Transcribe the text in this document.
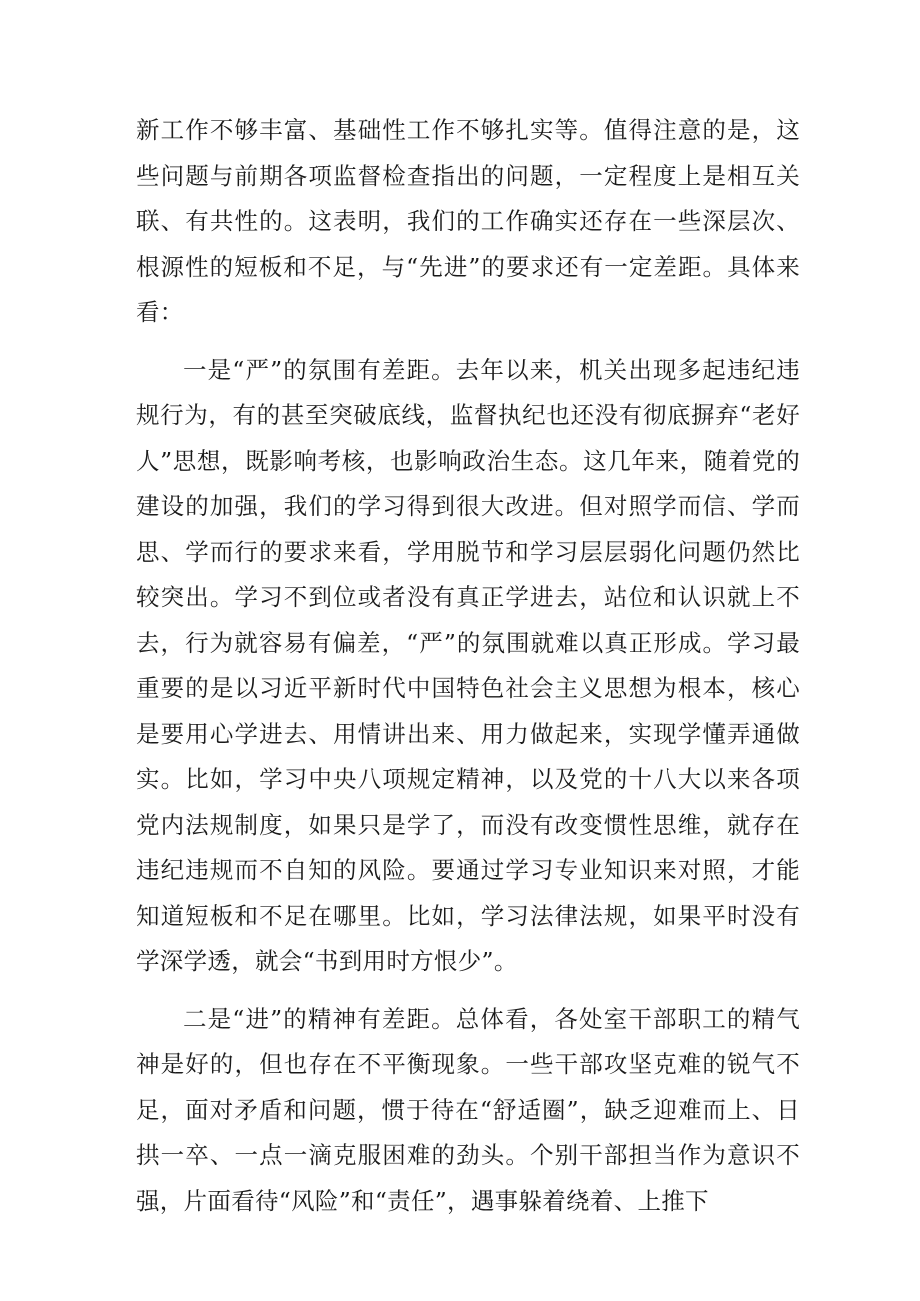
新工作不够丰富、基础性工作不够扎实等。值得注意的是，这些问题与前期各项监督检查指出的问题，一定程度上是相互关联、有共性的。这表明，我们的工作确实还存在一些深层次、根源性的短板和不足，与“先进”的要求还有一定差距。具体来看：

一是“严”的氛围有差距。去年以来，机关出现多起违纪违规行为，有的甚至突破底线，监督执纪也还没有彻底摒弃“老好人”思想，既影响考核，也影响政治生态。这几年来，随着党的建设的加强，我们的学习得到很大改进。但对照学而信、学而思、学而行的要求来看，学用脱节和学习层层弱化问题仍然比较突出。学习不到位或者没有真正学进去，站位和认识就上不去，行为就容易有偏差，“严”的氛围就难以真正形成。学习最重要的是以习近平新时代中国特色社会主义思想为根本，核心是要用心学进去、用情讲出来、用力做起来，实现学懂弄通做实。比如，学习中央八项规定精神，以及党的十八大以来各项党内法规制度，如果只是学了，而没有改变惯性思维，就存在违纪违规而不自知的风险。要通过学习专业知识来对照，才能知道短板和不足在哪里。比如，学习法律法规，如果平时没有学深学透，就会“书到用时方恨少”。

二是“进”的精神有差距。总体看，各处室干部职工的精气神是好的，但也存在不平衡现象。一些干部攻坚克难的锐气不足，面对矛盾和问题，惯于待在“舒适圈”，缺乏迎难而上、日拱一卒、一点一滴克服困难的劲头。个别干部担当作为意识不强，片面看待“风险”和“责任”，遇事躲着绕着、上推下
